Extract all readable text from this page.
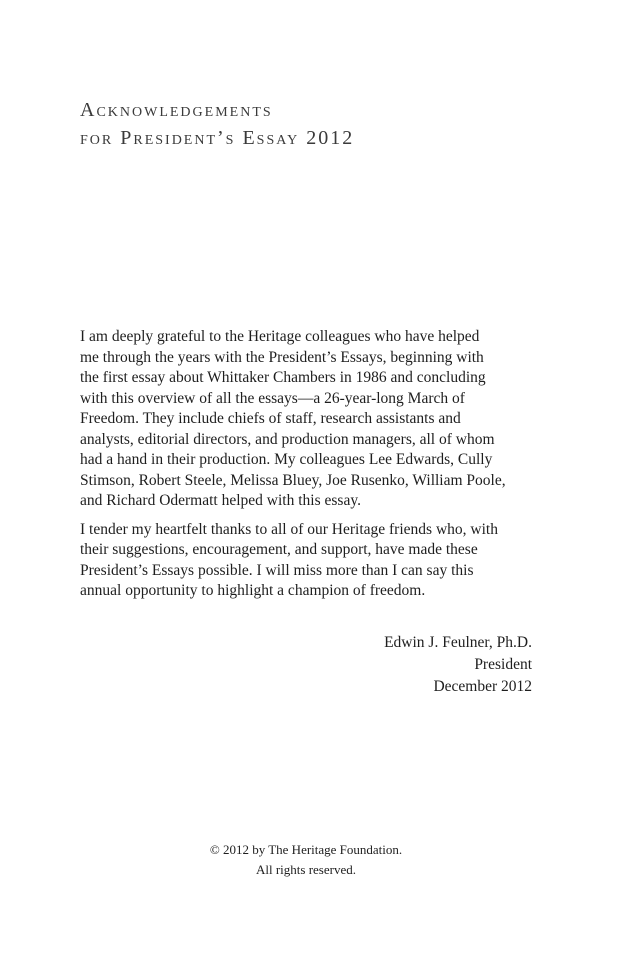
Acknowledgements
for President’s Essay 2012

I am deeply grateful to the Heritage colleagues who have helped
me through the years with the President’s Essays, beginning with
the first essay about Whittaker Chambers in 1986 and concluding
with this overview of all the essays—a 26-year-long March of
Freedom. They include chiefs of staff, research assistants and
analysts, editorial directors, and production managers, all of whom
had a hand in their production. My colleagues Lee Edwards, Cully
Stimson, Robert Steele, Melissa Bluey, Joe Rusenko, William Poole,
and Richard Odermatt helped with this essay.

I tender my heartfelt thanks to all of our Heritage friends who, with
their suggestions, encouragement, and support, have made these
President’s Essays possible. I will miss more than I can say this
annual opportunity to highlight a champion of freedom.

Edwin J. Feulner, Ph.D.
President
December 2012
© 2012 by The Heritage Foundation.
All rights reserved.
